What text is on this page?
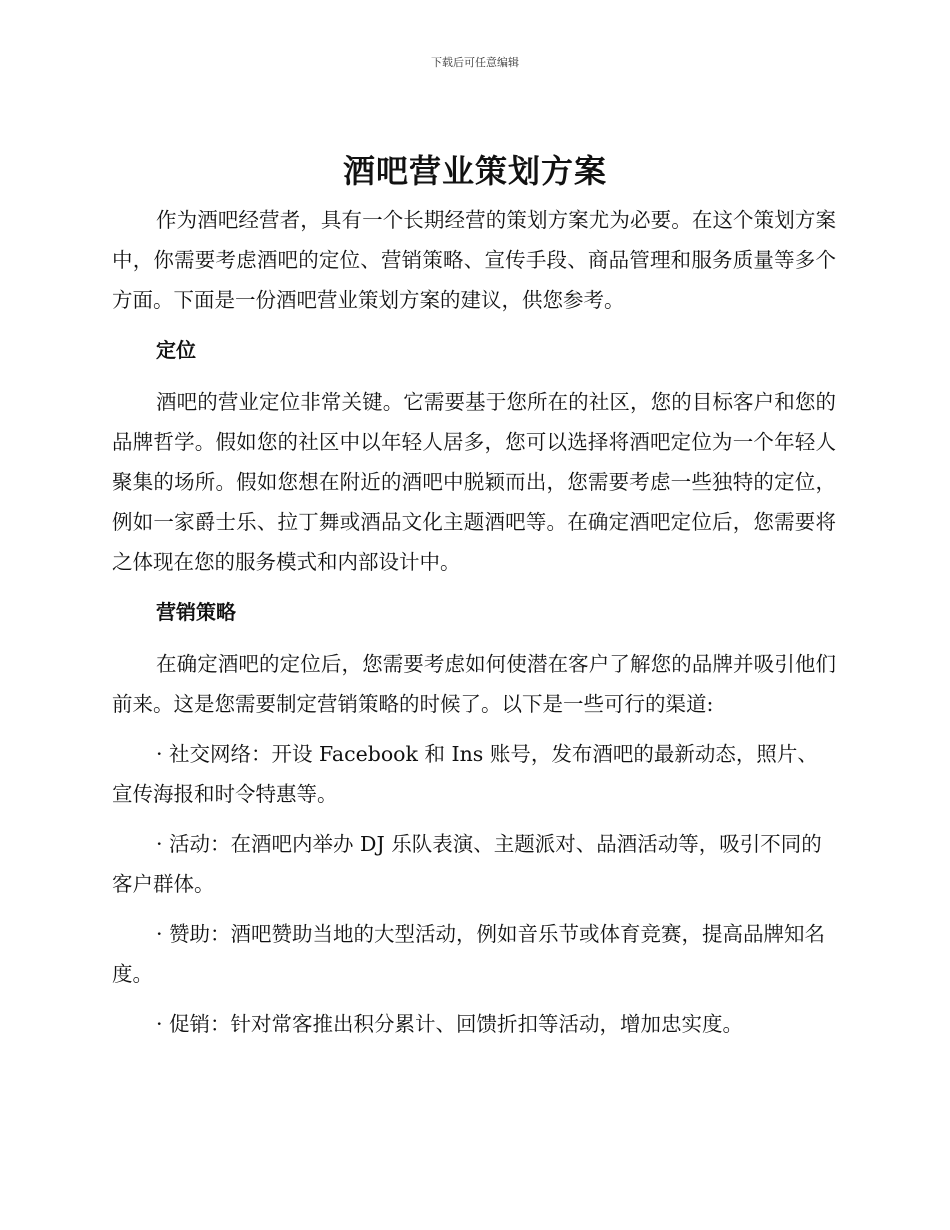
下载后可任意编辑
酒吧营业策划方案

作为酒吧经营者，具有一个长期经营的策划方案尤为必要。在这个策划方案中，你需要考虑酒吧的定位、营销策略、宣传手段、商品管理和服务质量等多个方面。下面是一份酒吧营业策划方案的建议，供您参考。

定位

酒吧的营业定位非常关键。它需要基于您所在的社区，您的目标客户和您的品牌哲学。假如您的社区中以年轻人居多，您可以选择将酒吧定位为一个年轻人聚集的场所。假如您想在附近的酒吧中脱颖而出，您需要考虑一些独特的定位，例如一家爵士乐、拉丁舞或酒品文化主题酒吧等。在确定酒吧定位后，您需要将之体现在您的服务模式和内部设计中。

营销策略

在确定酒吧的定位后，您需要考虑如何使潜在客户了解您的品牌并吸引他们前来。这是您需要制定营销策略的时候了。以下是一些可行的渠道:

· 社交网络：开设 Facebook 和 Ins 账号，发布酒吧的最新动态，照片、宣传海报和时令特惠等。

· 活动：在酒吧内举办 DJ 乐队表演、主题派对、品酒活动等，吸引不同的客户群体。

· 赞助：酒吧赞助当地的大型活动，例如音乐节或体育竞赛，提高品牌知名度。

· 促销：针对常客推出积分累计、回馈折扣等活动，增加忠实度。
